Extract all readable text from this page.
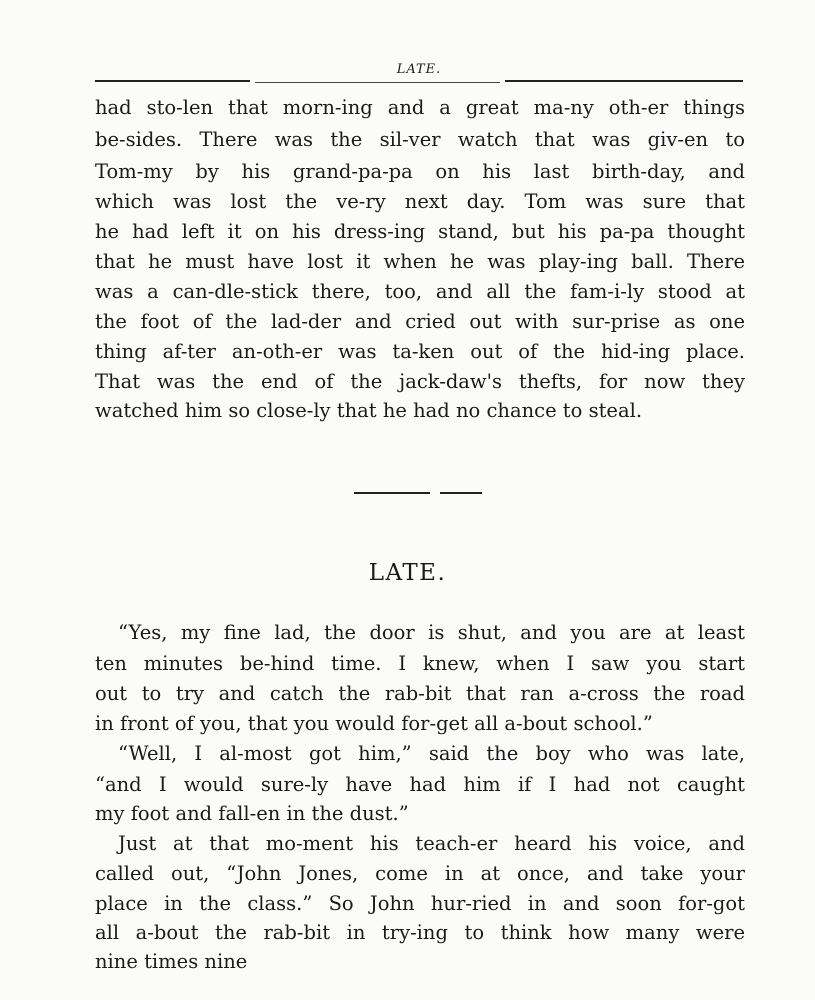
LATE.
had sto-len that morn-ing and a great ma-ny oth-er things
be-sides. There was the sil-ver watch that was giv-en to
Tom-my by his grand-pa-pa on his last birth-day, and
which was lost the ve-ry next day. Tom was sure that
he had left it on his dress-ing stand, but his pa-pa thought
that he must have lost it when he was play-ing ball. There
was a can-dle-stick there, too, and all the fam-i-ly stood at
the foot of the lad-der and cried out with sur-prise as one
thing af-ter an-oth-er was ta-ken out of the hid-ing place.
That was the end of the jack-daw's thefts, for now they
watched him so close-ly that he had no chance to steal.
LATE.
“Yes, my fine lad, the door is shut, and you are at least
ten minutes be-hind time. I knew, when I saw you start
out to try and catch the rab-bit that ran a-cross the road
in front of you, that you would for-get all a-bout school.”
“Well, I al-most got him,” said the boy who was late,
“and I would sure-ly have had him if I had not caught
my foot and fall-en in the dust.”
Just at that mo-ment his teach-er heard his voice, and
called out, “John Jones, come in at once, and take your
place in the class.” So John hur-ried in and soon for-got
all a-bout the rab-bit in try-ing to think how many were
nine times nine
